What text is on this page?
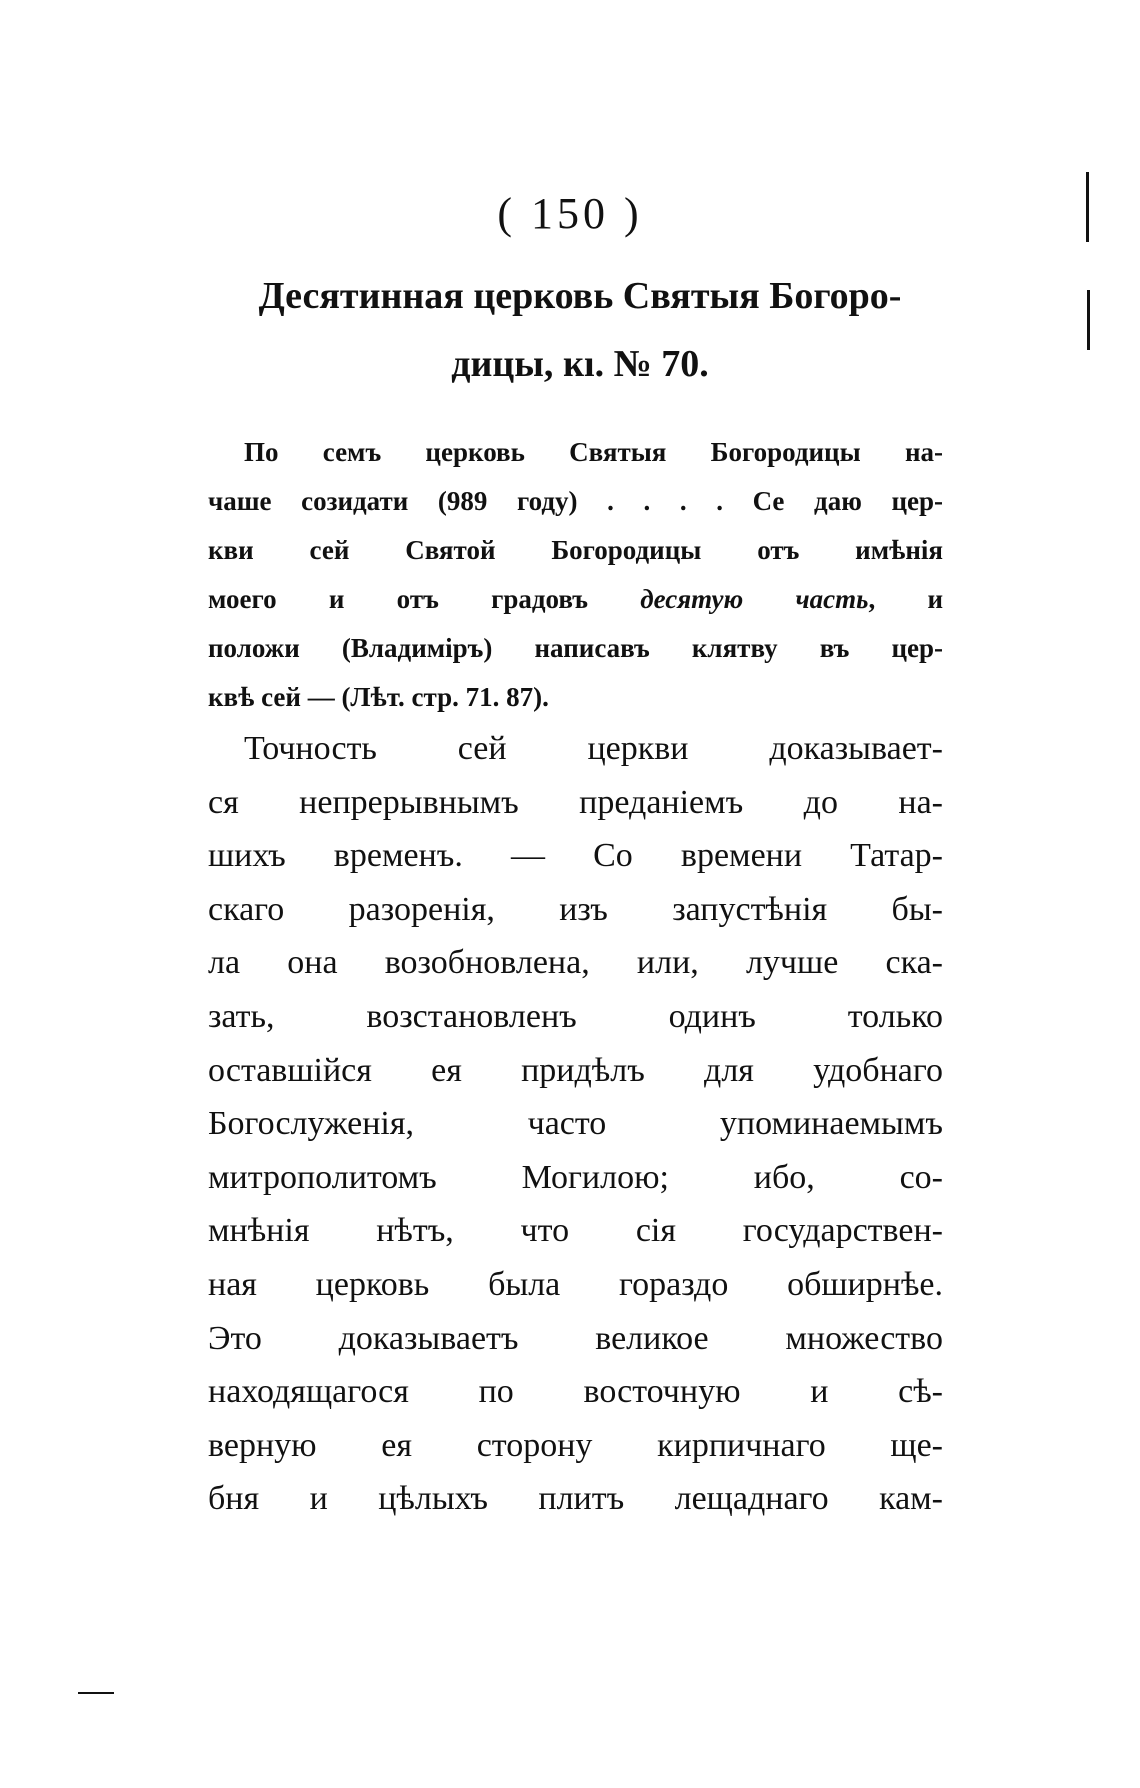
( 150 )
Десятинная церковь Святыя Богоро-
дицы, ĸı. № 70.
По семъ церковь Святыя Богородицы на-
чаше созидати (989 году) . . . . Се даю цер-
кви сей Святой Богородицы отъ имѣнія
моего и отъ градовъ десятую часть, и
положи (Владиміръ) написавъ клятву въ цер-
квѣ сей — (Лѣт. стр. 71. 87).
Точность сей церкви доказывает-
ся непрерывнымъ преданіемъ до на-
шихъ временъ. — Со времени Татар-
скаго разоренія, изъ запустѣнія бы-
ла она возобновлена, или, лучше ска-
зать, возстановленъ одинъ только
оставшійся ея придѣлъ для удобнаго
Богослуженія, часто упоминаемымъ
митрополитомъ Могилою; ибо, со-
мнѣнія нѣтъ, что сія государствен-
ная церковь была гораздо обширнѣе.
Это доказываетъ великое множество
находящагося по восточную и сѣ-
верную ея сторону кирпичнаго ще-
бня и цѣлыхъ плитъ лещаднаго кам-
